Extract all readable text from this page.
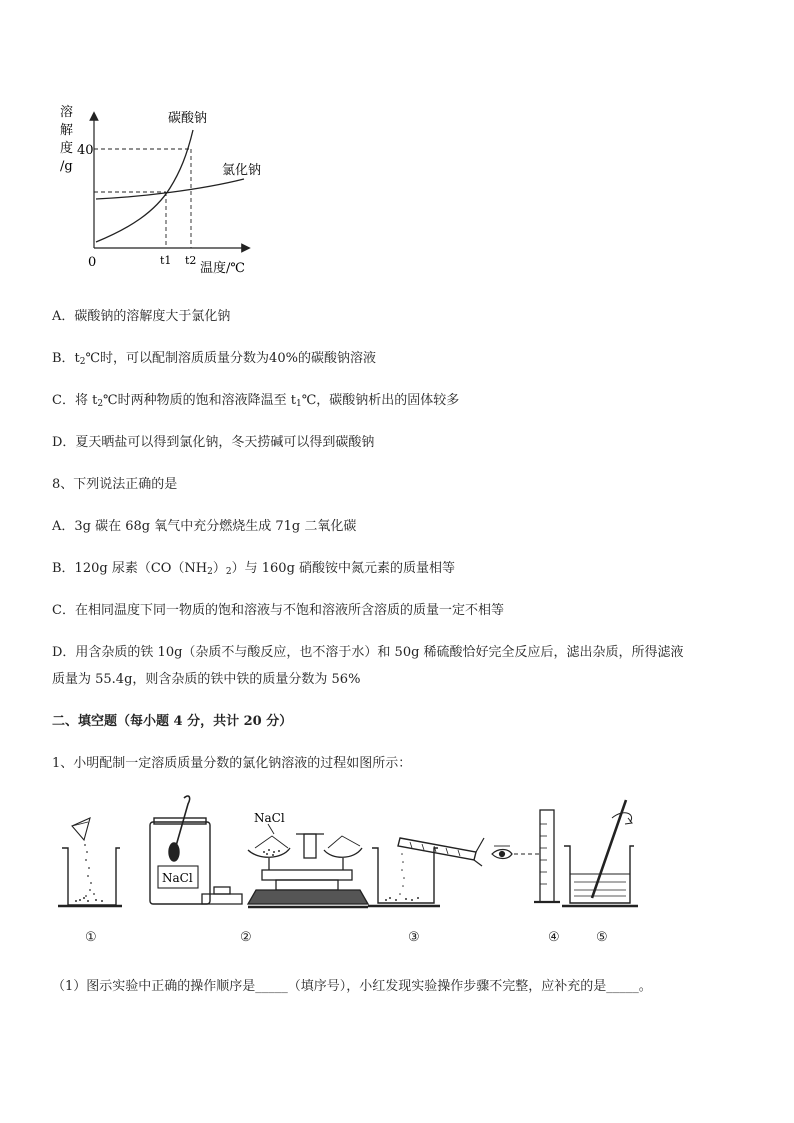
溶
解
度
/g
40
碳酸钠
氯化钠
0	t1 t2
温度/℃
A．碳酸钠的溶解度大于氯化钠
B．$t_2℃$时，可以配制溶质质量分数为40%的碳酸钠溶液
C．将 $t_2℃$时两种物质的饱和溶液降温至 $t_1℃$，碳酸钠析出的固体较多
D．夏天晒盐可以得到氯化钠，冬天捞碱可以得到碳酸钠
8、下列说法正确的是
A．3g 碳在 68g 氧气中充分燃烧生成 71g 二氧化碳
B．120g 尿素$(CO(NH_2)_2)$与 160g 硝酸铵中氮元素的质量相等
C．在相同温度下同一物质的饱和溶液与不饱和溶液所含溶质的质量一定不相等
D．用含杂质的铁 10g（杂质不与酸反应，也不溶于水）和 50g 稀硫酸恰好完全反应后，滤出杂质，所得滤液
质量为 55.4g，则含杂质的铁中铁的质量分数为 56%
二、填空题（每小题 4 分，共计 20 分）
1、小明配制一定溶质质量分数的氯化钠溶液的过程如图所示：
NaCl
NaCl
①	②	③	④	⑤
（1）图示实验中正确的操作顺序是_____（填序号），小红发现实验操作步骤不完整，应补充的是_____。
